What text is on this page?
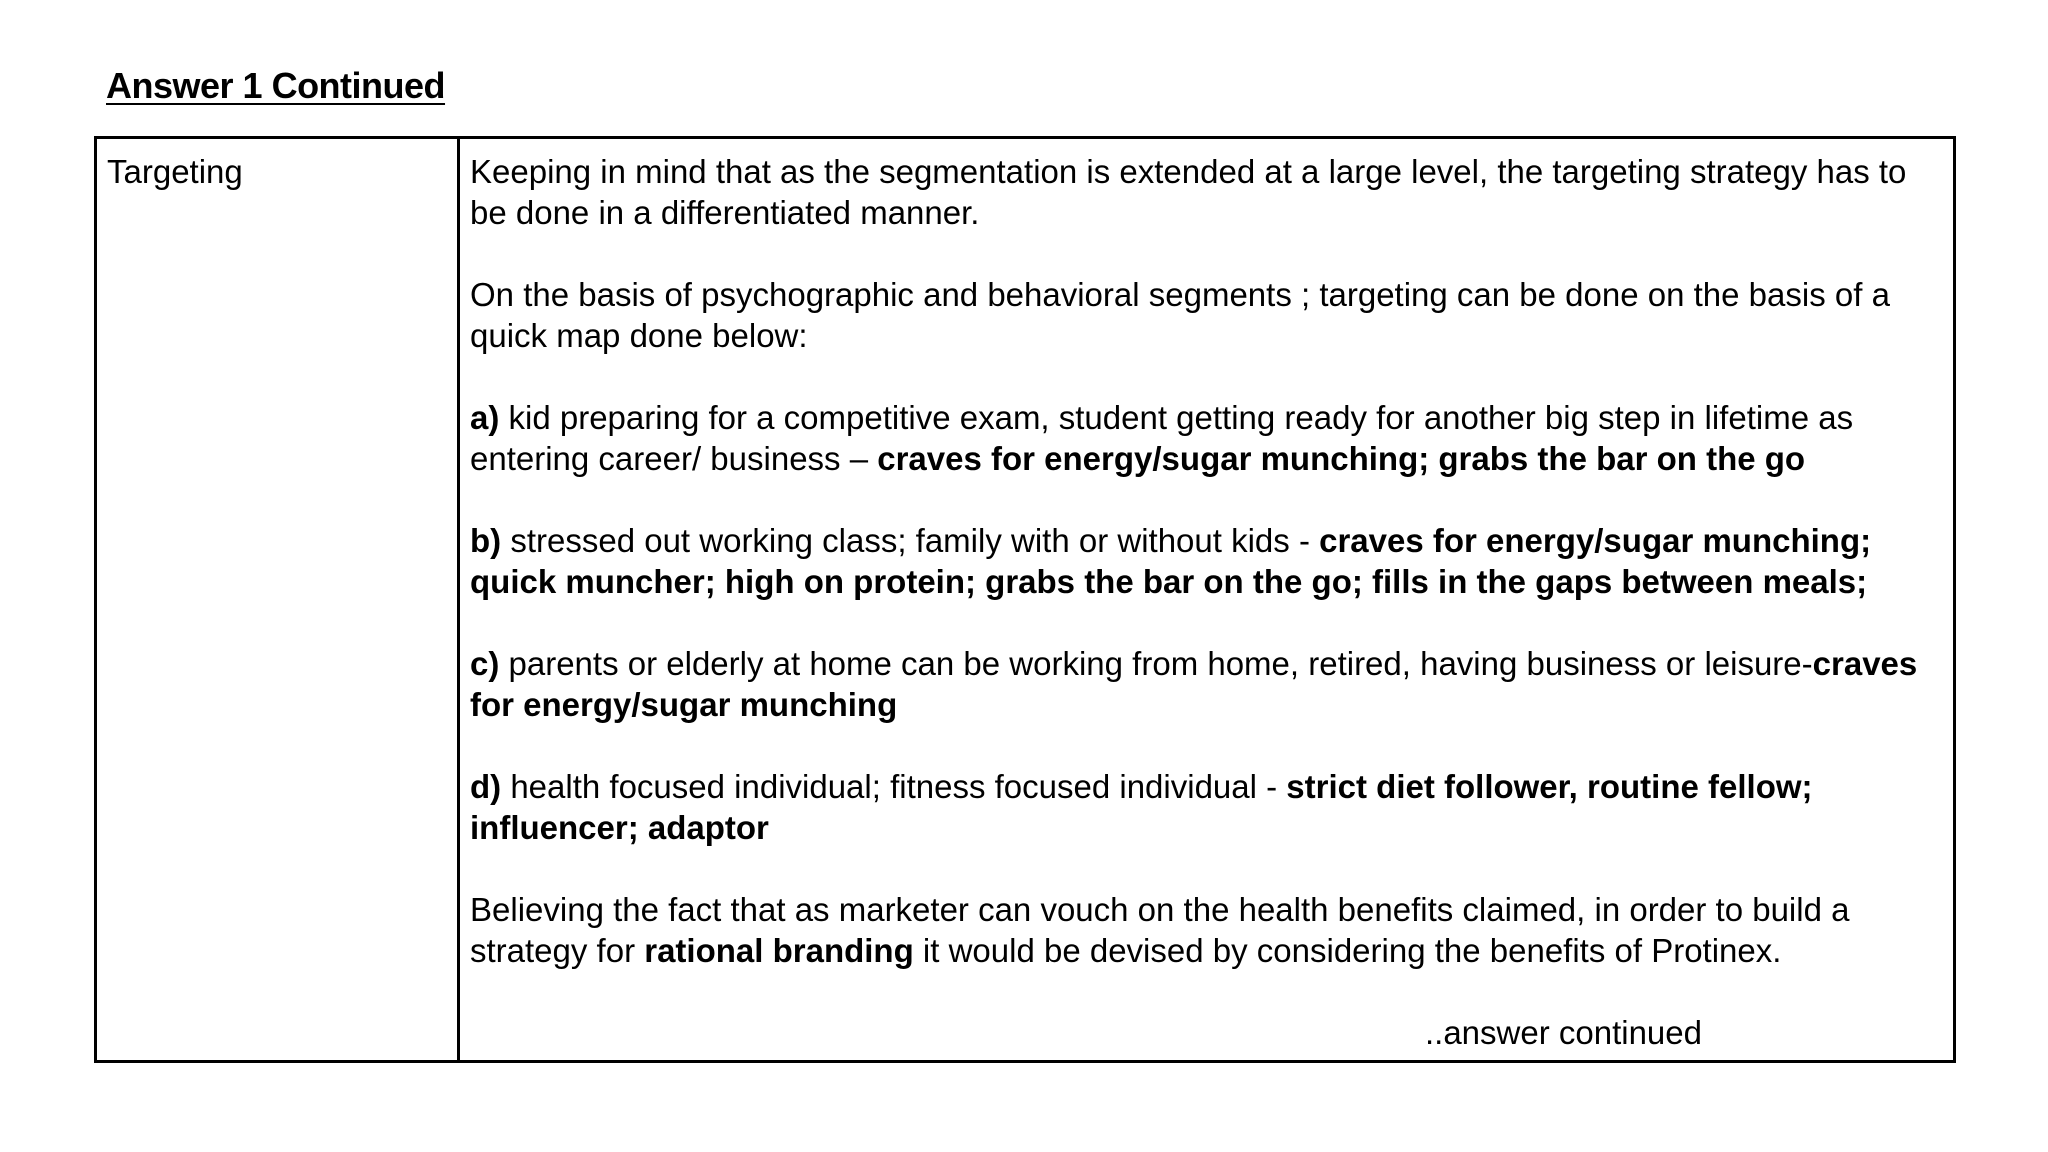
Answer 1 Continued
Targeting	Keeping in mind that as the segmentation is extended at a large level, the targeting strategy has to be done in a differentiated manner.

On the basis of psychographic and behavioral segments ; targeting can be done on the basis of a quick map done below:

a) kid preparing for a competitive exam, student getting ready for another big step in lifetime as entering career/ business – craves for energy/sugar munching; grabs the bar on the go

b) stressed out working class; family with or without kids - craves for energy/sugar munching; quick muncher; high on protein; grabs the bar on the go; fills in the gaps between meals;

c) parents or elderly at home can be working from home, retired, having business or leisure-craves for energy/sugar munching

d) health focused individual; fitness focused individual - strict diet follower, routine fellow; influencer; adaptor

Believing the fact that as marketer can vouch on the health benefits claimed, in order to build a strategy for rational branding it would be devised by considering the benefits of Protinex.

..answer continued
